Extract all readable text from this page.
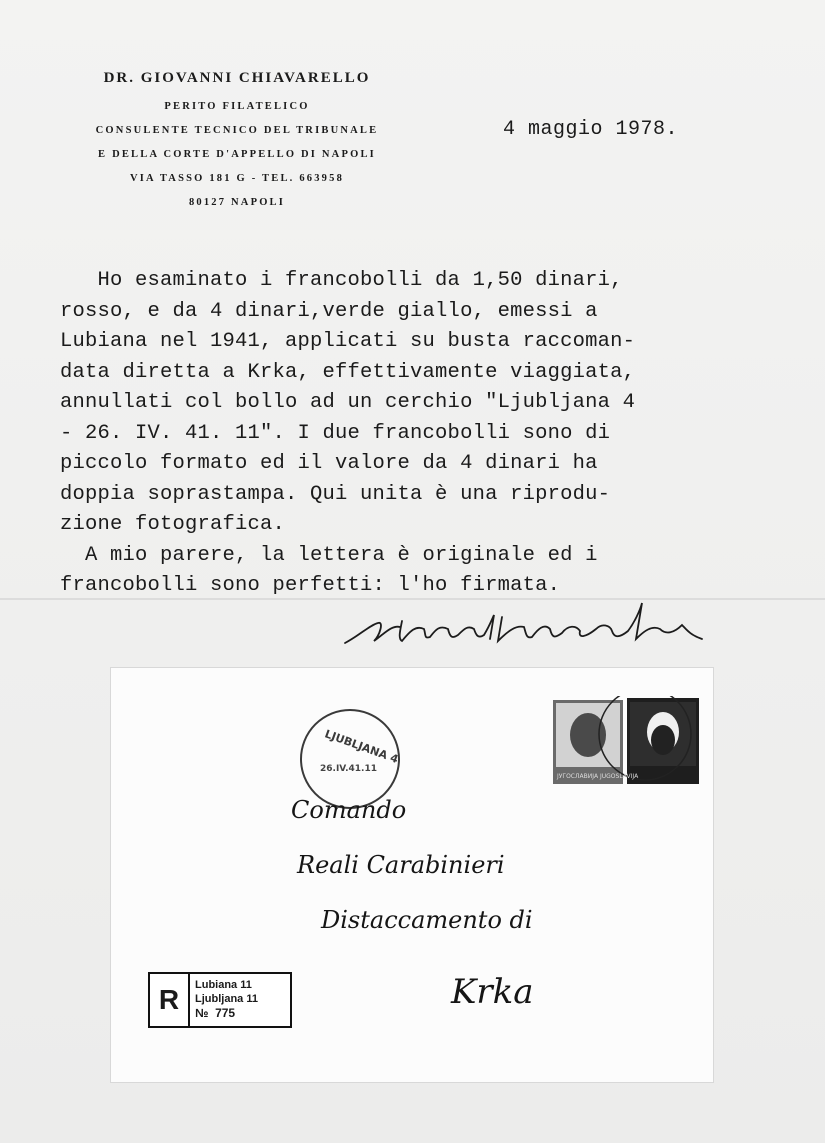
DR. GIOVANNI CHIAVARELLO
PERITO FILATELICO
CONSULENTE TECNICO DEL TRIBUNALE
E DELLA CORTE D'APPELLO DI NAPOLI
VIA TASSO 181 G - TEL. 663958
80127 NAPOLI
4 maggio 1978.
Ho esaminato i francobolli da 1,50 dinari,
rosso, e da 4 dinari,verde giallo, emessi a
Lubiana nel 1941, applicati su busta raccoman-
data diretta a Krka, effettivamente viaggiata,
annullati col bollo ad un cerchio "Ljubljana 4
- 26. IV. 41. 11". I due francobolli sono di
piccolo formato ed il valore da 4 dinari ha
doppia soprastampa. Qui unita è una riprodu-
zione fotografica.
A mio parere, la lettera è originale ed i
francobolli sono perfetti: l'ho firmata.
LJUBLJANA 4
26.IV.41.11
JУГОСЛАВИЈА JUGOSLAVIJA
Comando
Reali Carabinieri
Distaccamento di
Krka
R	Lubiana 11
Ljubljana 11
№ 775
